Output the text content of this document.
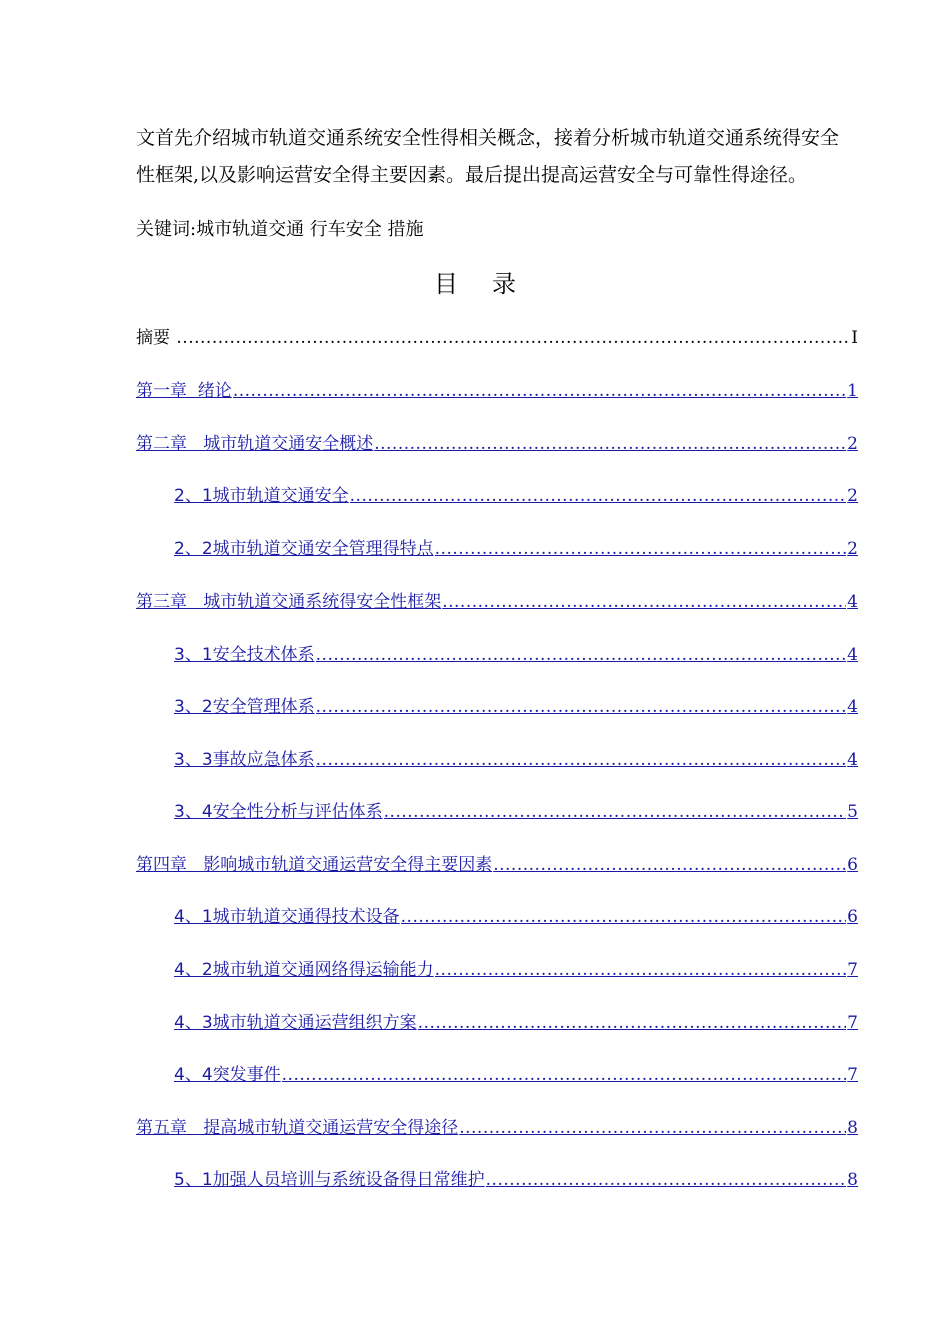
文首先介绍城市轨道交通系统安全性得相关概念，接着分析城市轨道交通系统得安全

性框架,以及影响运营安全得主要因素。最后提出提高运营安全与可靠性得途径。

关键词:城市轨道交通 行车安全 措施
目 录
摘要 .....	I
第一章  绪论 .....	1
第二章   城市轨道交通安全概述 .....	2
2、1城市轨道交通安全 .....	2
2、2城市轨道交通安全管理得特点 .....	2
第三章   城市轨道交通系统得安全性框架 .....	4
3、1安全技术体系 .....	4
3、2安全管理体系 .....	4
3、3事故应急体系 .....	4
3、4安全性分析与评估体系 .....	5
第四章   影响城市轨道交通运营安全得主要因素 .....	6
4、1城市轨道交通得技术设备 .....	6
4、2城市轨道交通网络得运输能力 .....	7
4、3城市轨道交通运营组织方案 .....	7
4、4突发事件 .....	7
第五章   提高城市轨道交通运营安全得途径 .....	8
5、1加强人员培训与系统设备得日常维护 .....	8
